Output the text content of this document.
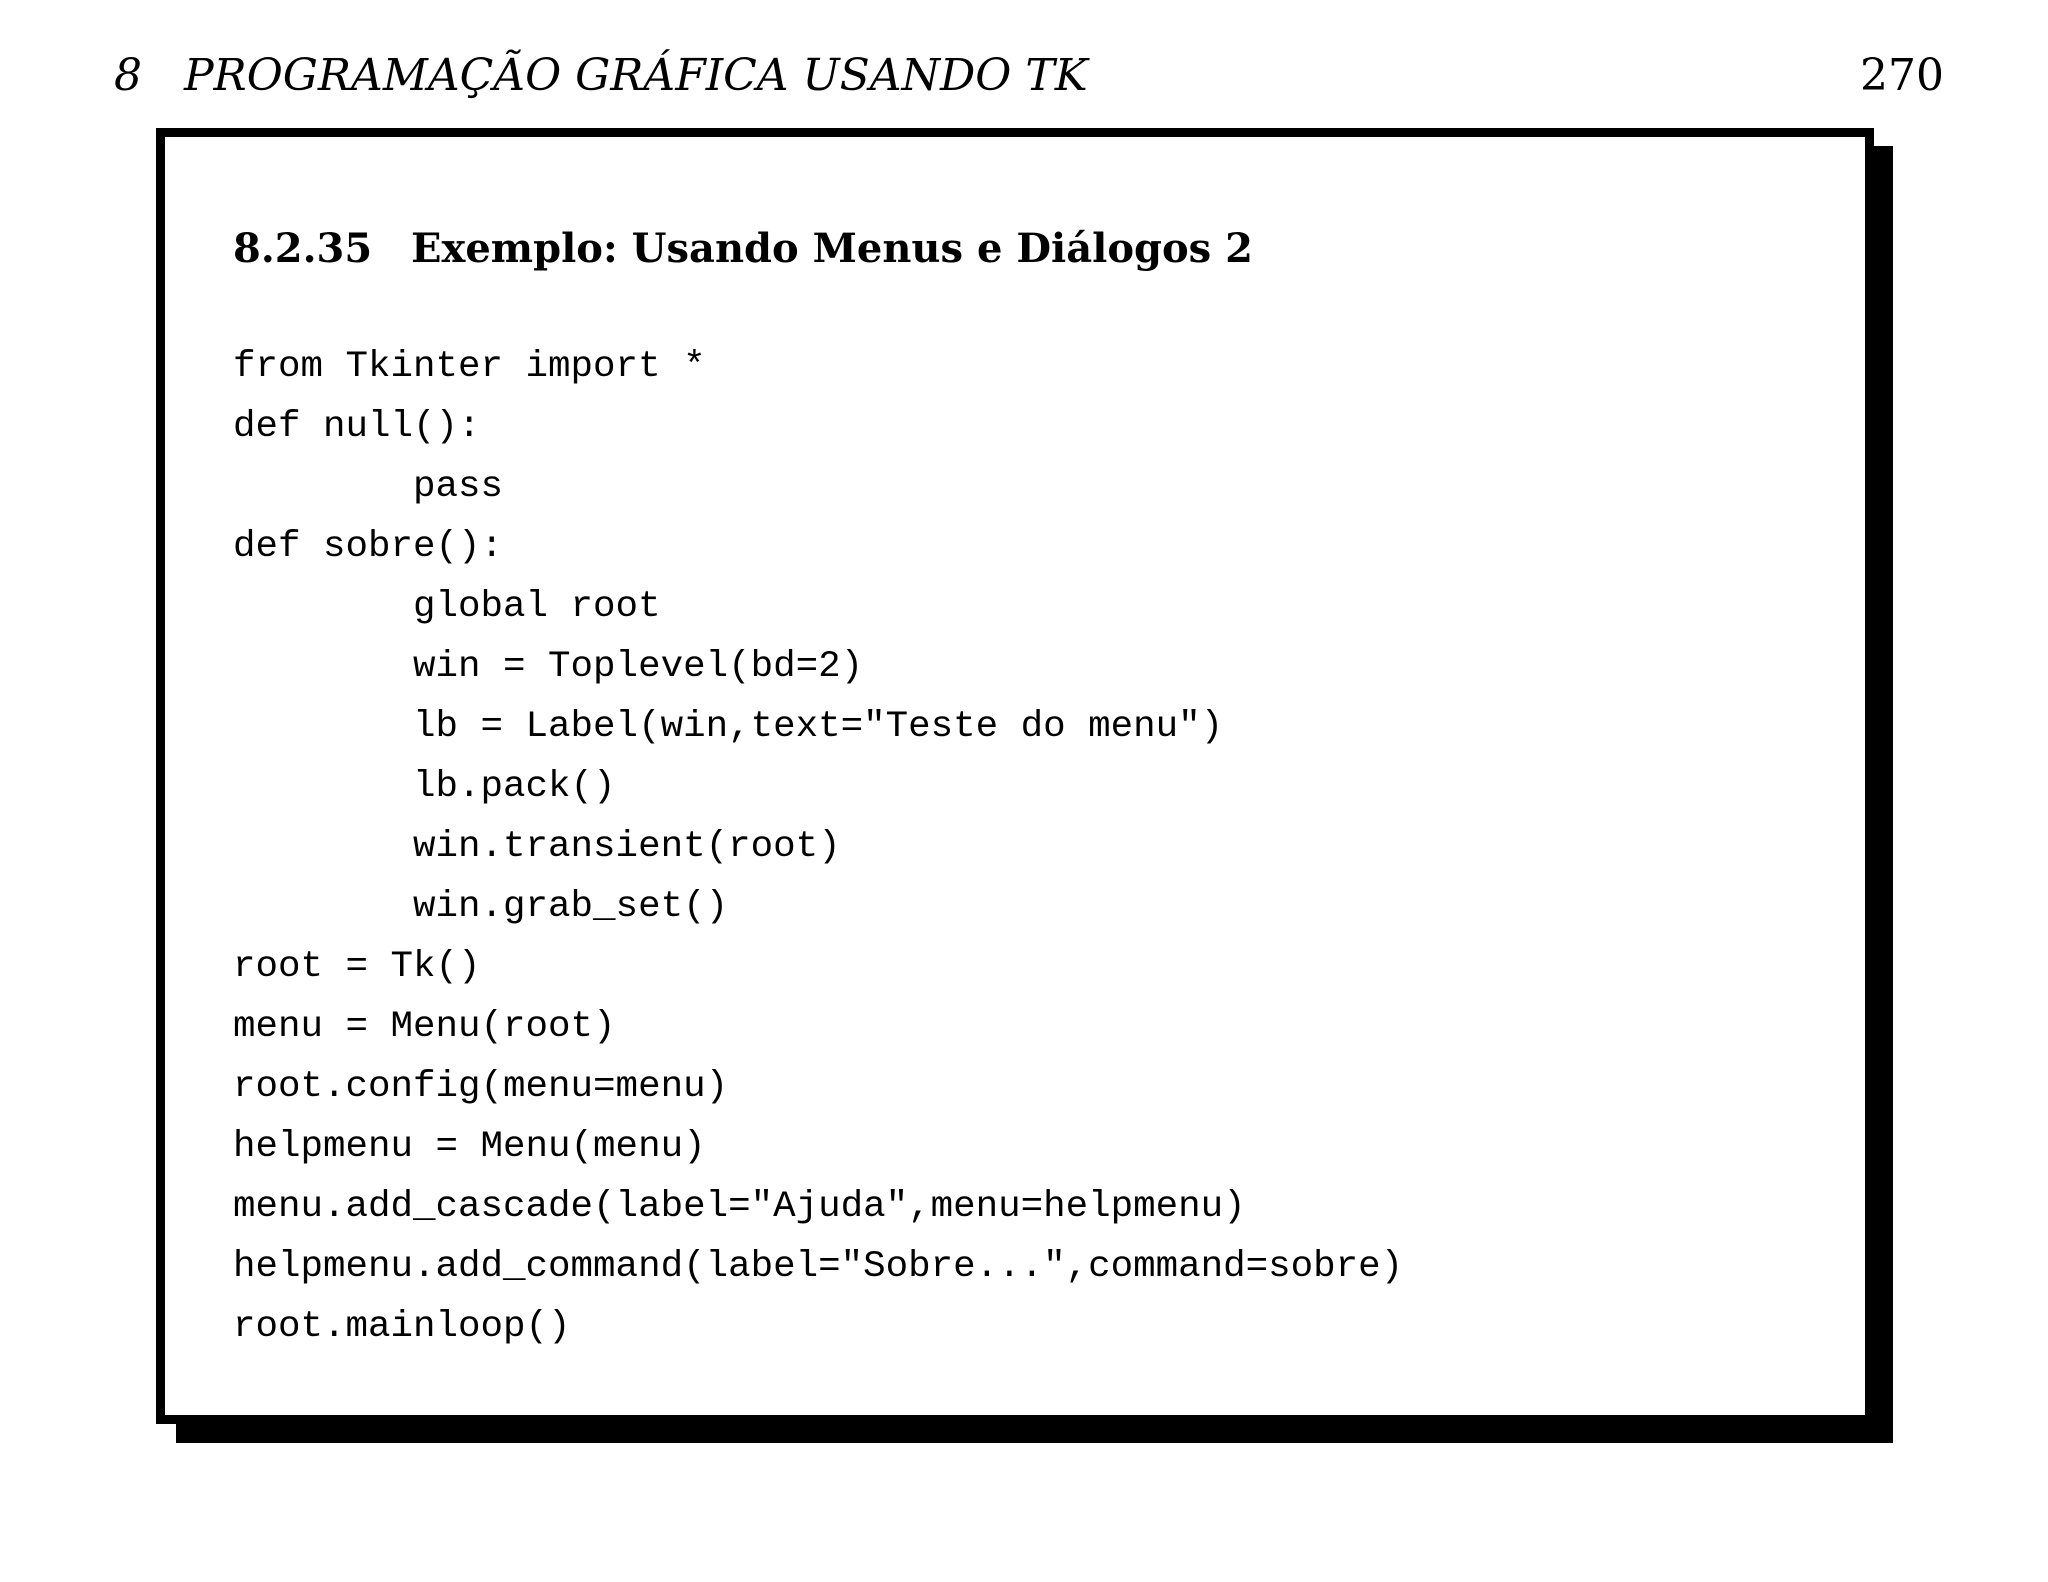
8   PROGRAMAÇÃO GRÁFICA USANDO TK	270
8.2.35 Exemplo: Usando Menus e Diálogos 2
from Tkinter import *
def null():
pass
def sobre():
global root
win = Toplevel(bd=2)
lb = Label(win,text="Teste do menu")
lb.pack()
win.transient(root)
win.grab_set()
root = Tk()
menu = Menu(root)
root.config(menu=menu)
helpmenu = Menu(menu)
menu.add_cascade(label="Ajuda",menu=helpmenu)
helpmenu.add_command(label="Sobre...",command=sobre)
root.mainloop()
